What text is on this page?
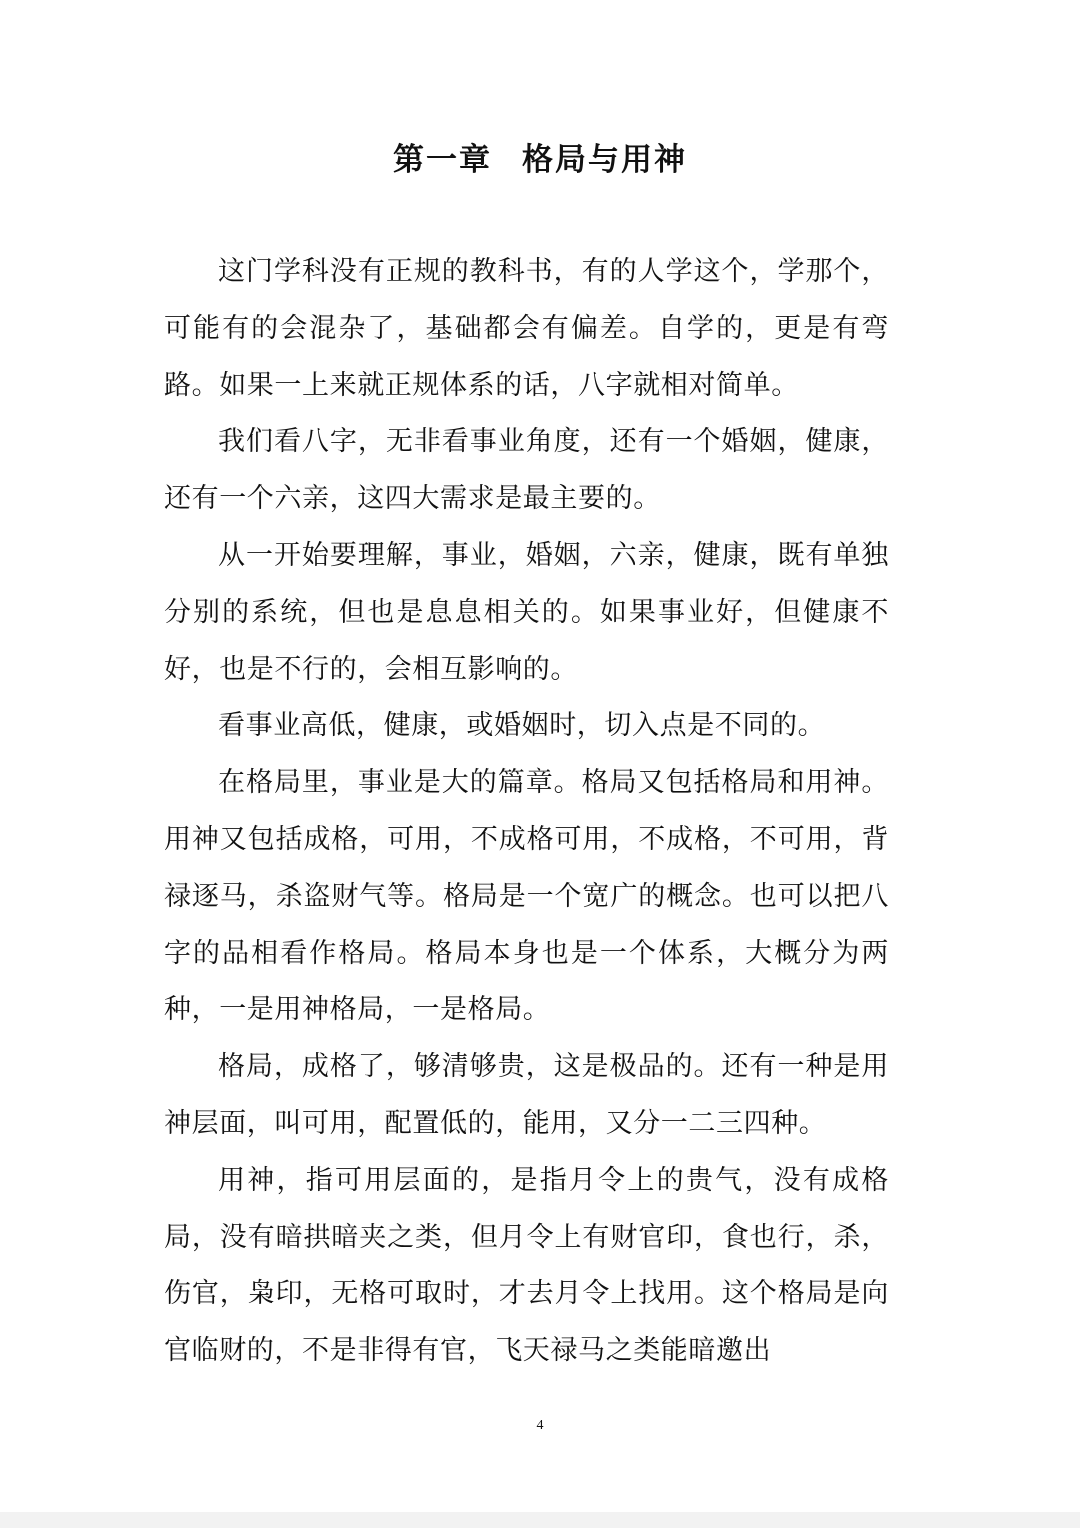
第一章 格局与用神

这门学科没有正规的教科书，有的人学这个，学那个，可能有的会混杂了，基础都会有偏差。自学的，更是有弯路。如果一上来就正规体系的话，八字就相对简单。

我们看八字，无非看事业角度，还有一个婚姻，健康，还有一个六亲，这四大需求是最主要的。

从一开始要理解，事业，婚姻，六亲，健康，既有单独分别的系统，但也是息息相关的。如果事业好，但健康不好，也是不行的，会相互影响的。

看事业高低，健康，或婚姻时，切入点是不同的。

在格局里，事业是大的篇章。格局又包括格局和用神。用神又包括成格，可用，不成格可用，不成格，不可用，背禄逐马，杀盗财气等。格局是一个宽广的概念。也可以把八字的品相看作格局。格局本身也是一个体系，大概分为两种，一是用神格局，一是格局。

格局，成格了，够清够贵，这是极品的。还有一种是用神层面，叫可用，配置低的，能用，又分一二三四种。

用神，指可用层面的，是指月令上的贵气，没有成格局，没有暗拱暗夹之类，但月令上有财官印，食也行，杀，伤官，枭印，无格可取时，才去月令上找用。这个格局是向官临财的，不是非得有官，飞天禄马之类能暗邀出

4
